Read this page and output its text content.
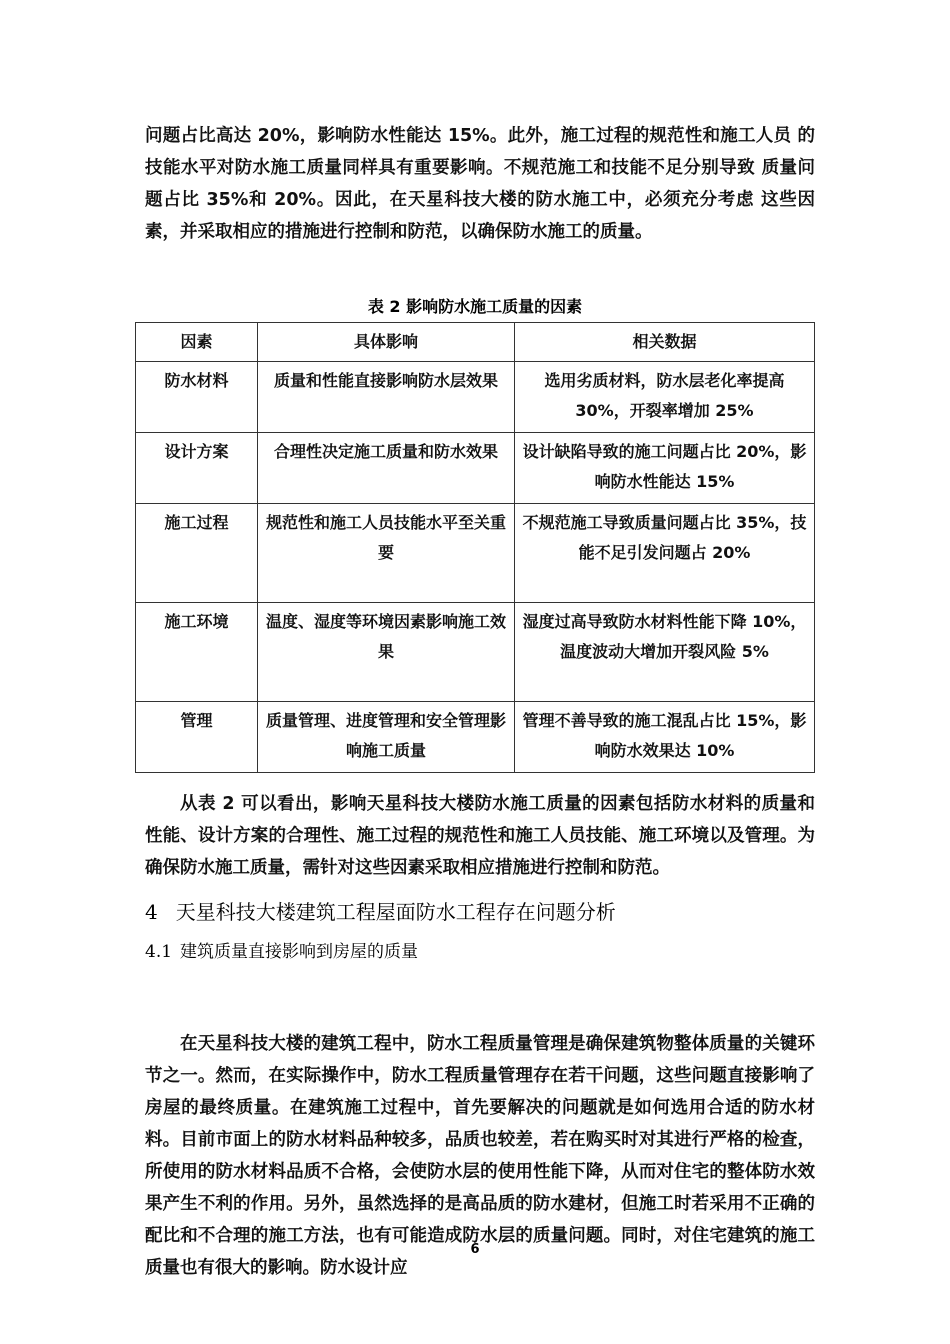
问题占比高达 20%，影响防水性能达 15%。此外，施工过程的规范性和施工人员 的技能水平对防水施工质量同样具有重要影响。不规范施工和技能不足分别导致 质量问题占比 35%和 20%。因此，在天星科技大楼的防水施工中，必须充分考虑 这些因素，并采取相应的措施进行控制和防范，以确保防水施工的质量。

表 2 影响防水施工质量的因素
因素	具体影响	相关数据
防水材料	质量和性能直接影响防水层效果	选用劣质材料，防水层老化率提高 30%，开裂率增加 25%
设计方案	合理性决定施工质量和防水效果	设计缺陷导致的施工问题占比 20%，影响防水性能达 15%
施工过程	规范性和施工人员技能水平至关重要	不规范施工导致质量问题占比 35%，技能不足引发问题占 20%
施工环境	温度、湿度等环境因素影响施工效果	湿度过高导致防水材料性能下降 10%，温度波动大增加开裂风险 5%
管理	质量管理、进度管理和安全管理影响施工质量	管理不善导致的施工混乱占比 15%，影响防水效果达 10%

从表 2 可以看出，影响天星科技大楼防水施工质量的因素包括防水材料的质量和性能、设计方案的合理性、施工过程的规范性和施工人员技能、施工环境以及管理。为确保防水施工质量，需针对这些因素采取相应措施进行控制和防范。

4 天星科技大楼建筑工程屋面防水工程存在问题分析
4.1 建筑质量直接影响到房屋的质量

在天星科技大楼的建筑工程中，防水工程质量管理是确保建筑物整体质量的关键环节之一。然而，在实际操作中，防水工程质量管理存在若干问题，这些问题直接影响了房屋的最终质量。在建筑施工过程中，首先要解决的问题就是如何选用合适的防水材料。目前市面上的防水材料品种较多，品质也较差，若在购买时对其进行严格的检查，所使用的防水材料品质不合格，会使防水层的使用性能下降，从而对住宅的整体防水效果产生不利的作用。另外，虽然选择的是高品质的防水建材，但施工时若采用不正确的配比和不合理的施工方法，也有可能造成防水层的质量问题。同时，对住宅建筑的施工质量也有很大的影响。防水设计应

6
